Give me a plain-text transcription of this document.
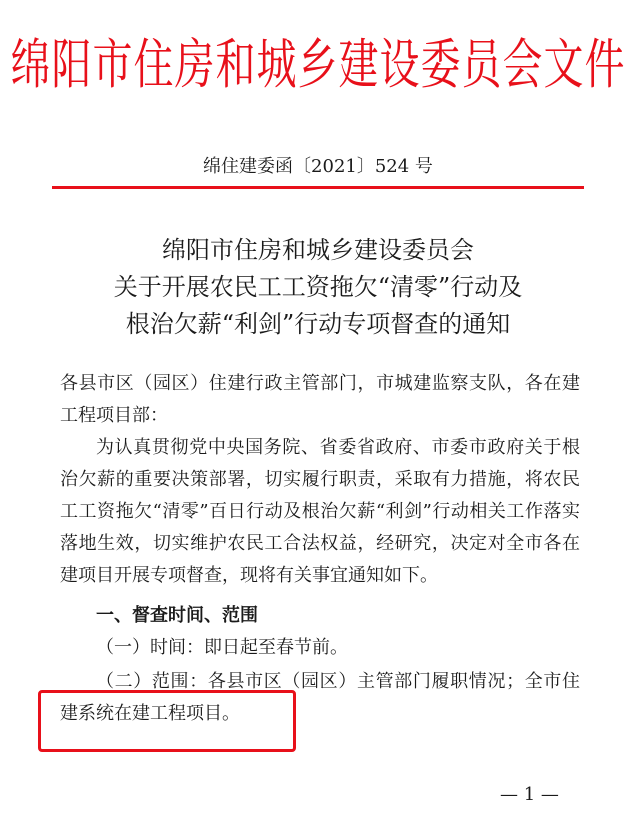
绵阳市住房和城乡建设委员会文件
绵住建委函〔2021〕524 号
绵阳市住房和城乡建设委员会
关于开展农民工工资拖欠“清零”行动及
根治欠薪“利剑”行动专项督查的通知
各县市区（园区）住建行政主管部门，市城建监察支队，各在建工程项目部：
为认真贯彻党中央国务院、省委省政府、市委市政府关于根治欠薪的重要决策部署，切实履行职责，采取有力措施，将农民工工资拖欠“清零”百日行动及根治欠薪“利剑”行动相关工作落实落地生效，切实维护农民工合法权益，经研究，决定对全市各在建项目开展专项督查，现将有关事宜通知如下。
一、督查时间、范围
（一）时间：即日起至春节前。
（二）范围：各县市区（园区）主管部门履职情况；全市住建系统在建工程项目。
— 1 —
